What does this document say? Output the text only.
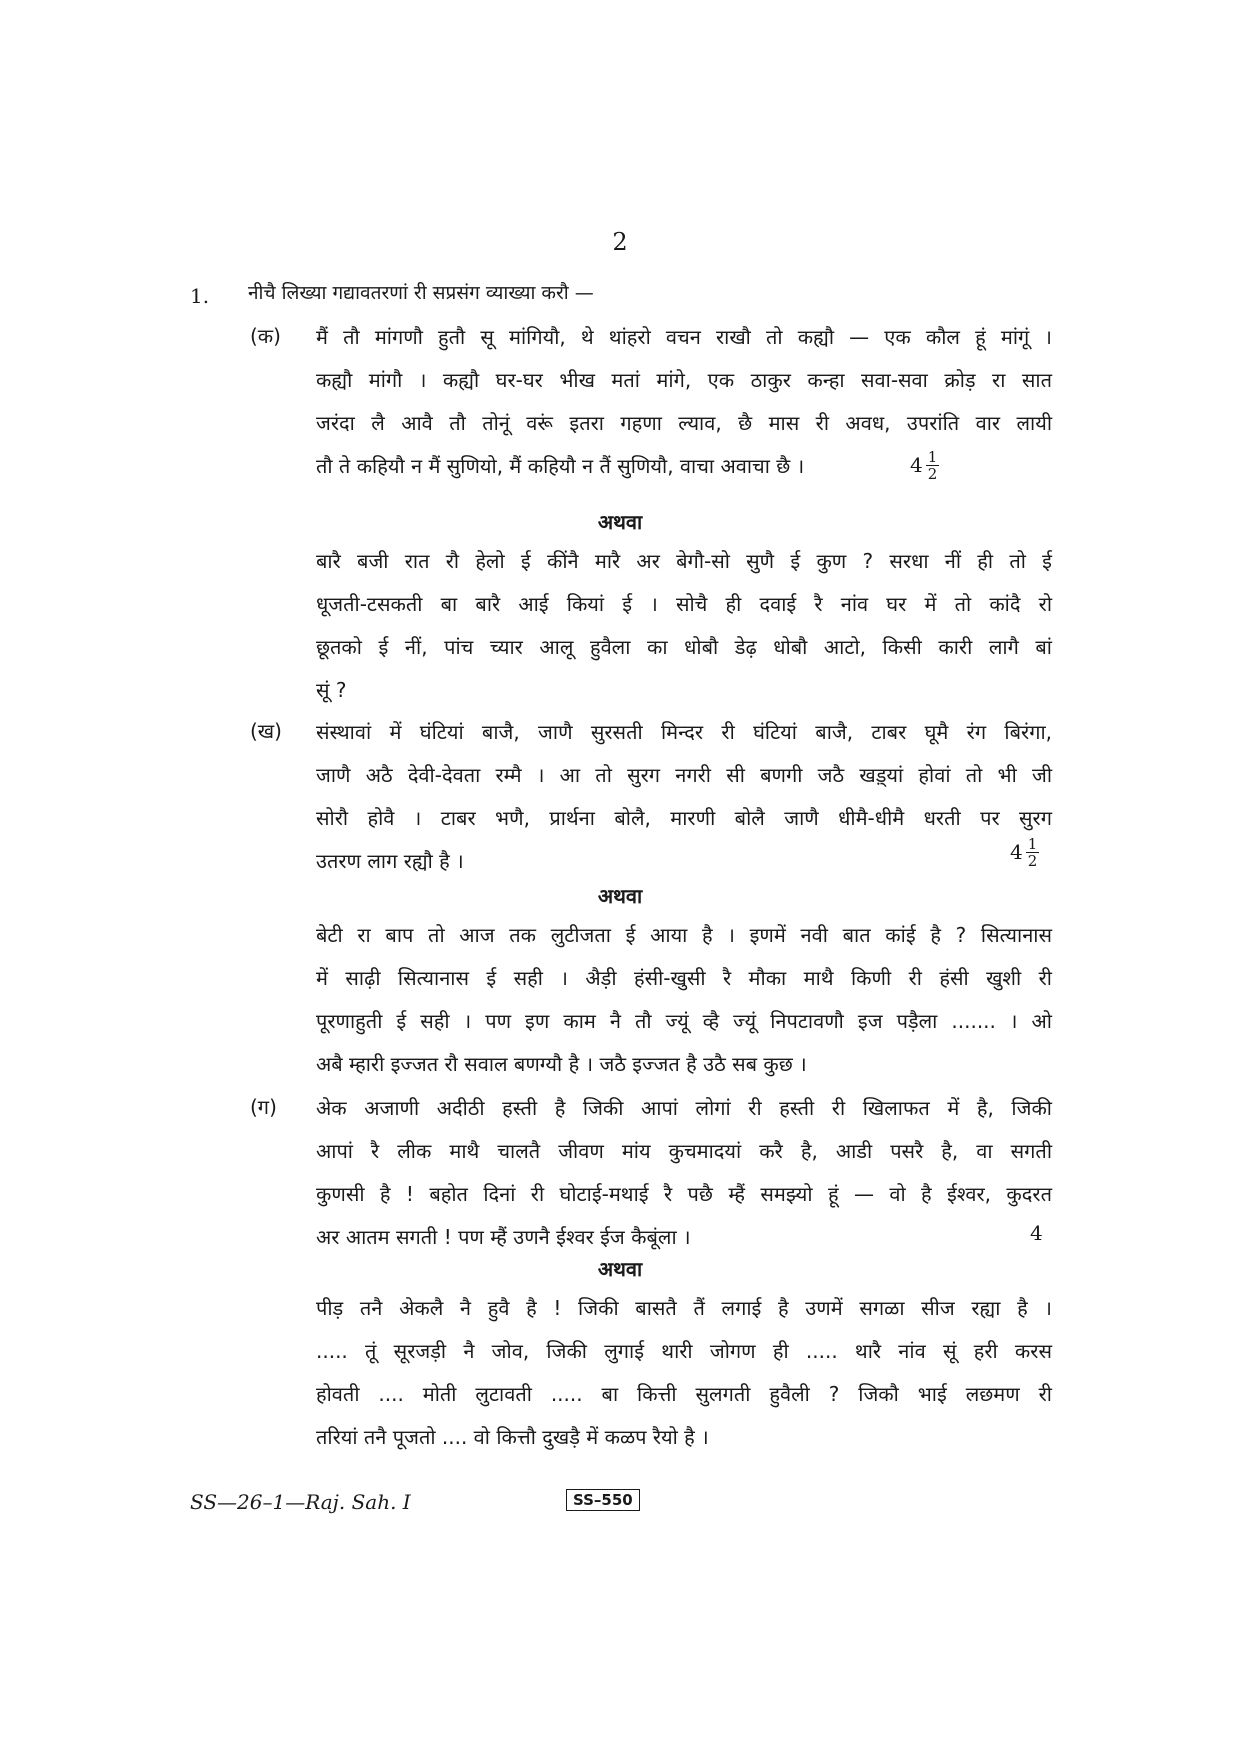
2
1. नीचै लिख्या गद्यावतरणां री सप्रसंग व्याख्या करौ —
(क) मैं तौ मांगणौ हुतौ सू मांगियौ, थे थांहरो वचन राखौ तो कह्यौ — एक कौल हूं मांगूं ।
कह्यौ मांगौ । कह्यौ घर-घर भीख मतां मांगे, एक ठाकुर कन्हा सवा-सवा क्रोड़ रा सात
जरंदा लै आवै तौ तोनूं वरूं इतरा गहणा ल्याव, छै मास री अवध, उपरांति वार लायी
तौ ते कहियौ न मैं सुणियो, मैं कहियौ न तैं सुणियौ, वाचा अवाचा छै ।	$4 \frac{1}{2}$
अथवा
बारै बजी रात रौ हेलो ई कींनै मारै अर बेगौ-सो सुणै ई कुण ? सरधा नीं ही तो ई
धूजती-टसकती बा बारै आई कियां ई । सोचै ही दवाई रै नांव घर में तो कांदै रो
छूतको ई नीं, पांच च्यार आलू हुवैला का धोबौ डेढ़ धोबौ आटो, किसी कारी लागै बां
सूं ?
(ख) संस्थावां में घंटियां बाजै, जाणै सुरसती मिन्दर री घंटियां बाजै, टाबर घूमै रंग बिरंगा,
जाणै अठै देवी-देवता रम्मै । आ तो सुरग नगरी सी बणगी जठै खड़्यां होवां तो भी जी
सोरौ होवै । टाबर भणै, प्रार्थना बोलै, मारणी बोलै जाणै धीमै-धीमै धरती पर सुरग
उतरण लाग रह्यौ है ।	$4 \frac{1}{2}$
अथवा
बेटी रा बाप तो आज तक लुटीजता ई आया है । इणमें नवी बात कांई है ? सित्यानास
में साढ़ी सित्यानास ई सही । अैड़ी हंसी-खुसी रै मौका माथै किणी री हंसी खुशी री
पूरणाहुती ई सही । पण इण काम नै तौ ज्यूं व्है ज्यूं निपटावणौ इज पड़ैला ....... । ओ
अबै म्हारी इज्जत रौ सवाल बणग्यौ है । जठै इज्जत है उठै सब कुछ ।
(ग) अेक अजाणी अदीठी हस्ती है जिकी आपां लोगां री हस्ती री खिलाफत में है, जिकी
आपां रै लीक माथै चालतै जीवण मांय कुचमादयां करै है, आडी पसरै है, वा सगती
कुणसी है ! बहोत दिनां री घोटाई-मथाई रै पछै म्हैं समझ्यो हूं — वो है ईश्वर, कुदरत
अर आतम सगती ! पण म्हैं उणनै ईश्वर ईज कैबूंला ।	4
अथवा
पीड़ तनै अेकलै नै हुवै है ! जिकी बासतै तैं लगाई है उणमें सगळा सीज रह्या है ।
..... तूं सूरजड़ी नै जोव, जिकी लुगाई थारी जोगण ही ..... थारै नांव सूं हरी करस
होवती .... मोती लुटावती ..... बा कित्ती सुलगती हुवैली ? जिकौ भाई लछमण री
तरियां तनै पूजतो .... वो कित्तौ दुखड़ै में कळप रैयो है ।
SS—26–1—Raj. Sah. I	SS–550
